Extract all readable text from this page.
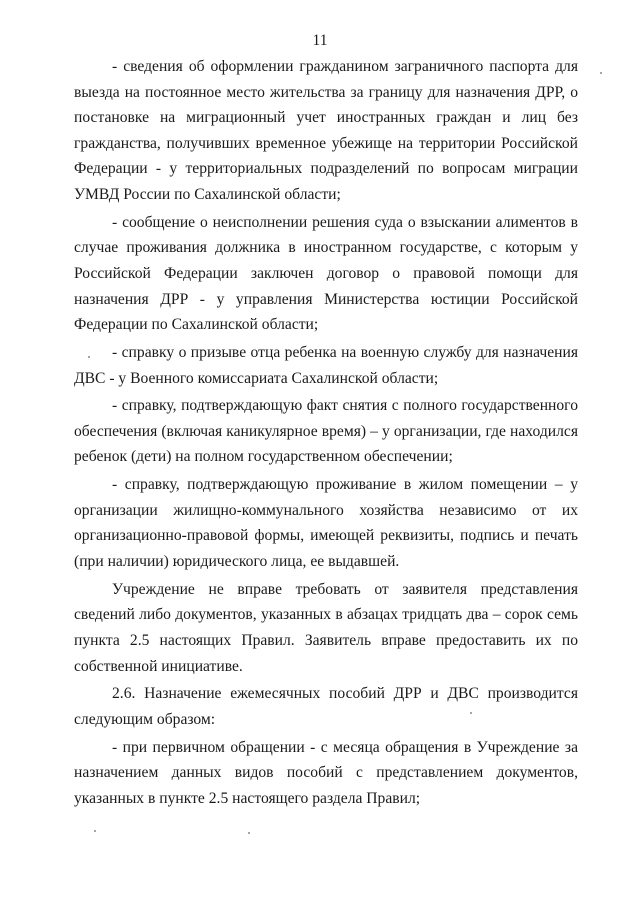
11

- сведения об оформлении гражданином заграничного паспорта для выезда на постоянное место жительства за границу для назначения ДРР, о постановке на миграционный учет иностранных граждан и лиц без гражданства, получивших временное убежище на территории Российской Федерации - у территориальных подразделений по вопросам миграции УМВД России по Сахалинской области;

- сообщение о неисполнении решения суда о взыскании алиментов в случае проживания должника в иностранном государстве, с которым у Российской Федерации заключен договор о правовой помощи для назначения ДРР - у управления Министерства юстиции Российской Федерации по Сахалинской области;

- справку о призыве отца ребенка на военную службу для назначения ДВС - у Военного комиссариата Сахалинской области;

- справку, подтверждающую факт снятия с полного государственного обеспечения (включая каникулярное время) – у организации, где находился ребенок (дети) на полном государственном обеспечении;

- справку, подтверждающую проживание в жилом помещении – у организации жилищно-коммунального хозяйства независимо от их организационно-правовой формы, имеющей реквизиты, подпись и печать (при наличии) юридического лица, ее выдавшей.

Учреждение не вправе требовать от заявителя представления сведений либо документов, указанных в абзацах тридцать два – сорок семь пункта 2.5 настоящих Правил. Заявитель вправе предоставить их по собственной инициативе.

2.6. Назначение ежемесячных пособий ДРР и ДВС производится следующим образом:

- при первичном обращении - с месяца обращения в Учреждение за назначением данных видов пособий с представлением документов, указанных в пункте 2.5 настоящего раздела Правил;
